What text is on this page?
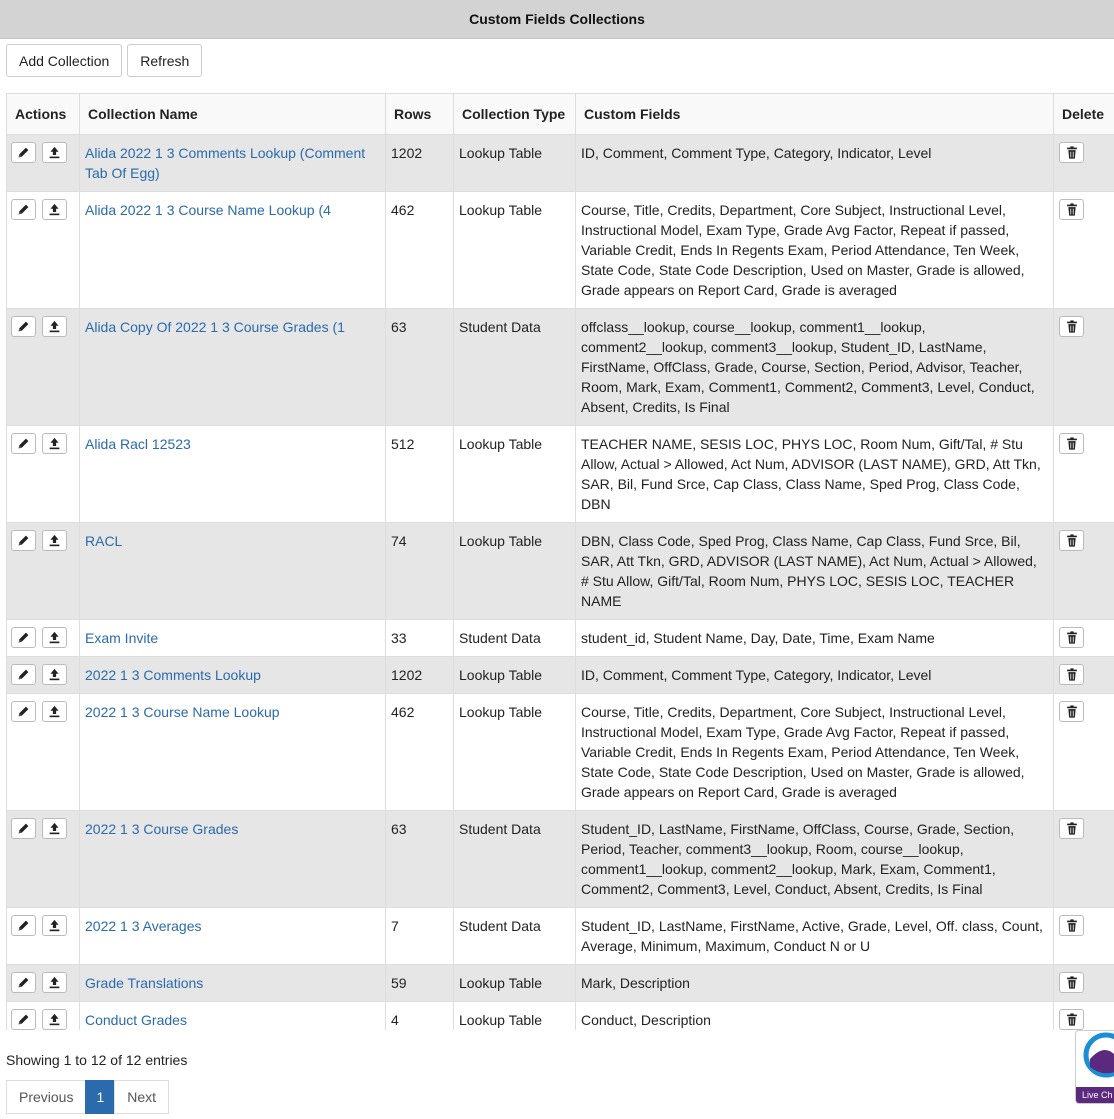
Custom Fields Collections
Add Collection	Refresh
Actions	Collection Name	Rows	Collection Type	Custom Fields	Delete

	Alida 2022 1 3 Comments Lookup (Comment Tab Of Egg)	1202	Lookup Table	ID, Comment, Comment Type, Category, Indicator, Level	

	Alida 2022 1 3 Course Name Lookup (4	462	Lookup Table	Course, Title, Credits, Department, Core Subject, Instructional Level, Instructional Model, Exam Type, Grade Avg Factor, Repeat if passed, Variable Credit, Ends In Regents Exam, Period Attendance, Ten Week, State Code, State Code Description, Used on Master, Grade is allowed, Grade appears on Report Card, Grade is averaged	

	Alida Copy Of 2022 1 3 Course Grades (1	63	Student Data	offclass__lookup, course__lookup, comment1__lookup, comment2__lookup, comment3__lookup, Student_ID, LastName, FirstName, OffClass, Grade, Course, Section, Period, Advisor, Teacher, Room, Mark, Exam, Comment1, Comment2, Comment3, Level, Conduct, Absent, Credits, Is Final	

	Alida Racl 12523	512	Lookup Table	TEACHER NAME, SESIS LOC, PHYS LOC, Room Num, Gift/Tal, # Stu Allow, Actual > Allowed, Act Num, ADVISOR (LAST NAME), GRD, Att Tkn, SAR, Bil, Fund Srce, Cap Class, Class Name, Sped Prog, Class Code, DBN	

	RACL	74	Lookup Table	DBN, Class Code, Sped Prog, Class Name, Cap Class, Fund Srce, Bil, SAR, Att Tkn, GRD, ADVISOR (LAST NAME), Act Num, Actual > Allowed, # Stu Allow, Gift/Tal, Room Num, PHYS LOC, SESIS LOC, TEACHER NAME	

	Exam Invite	33	Student Data	student_id, Student Name, Day, Date, Time, Exam Name	

	2022 1 3 Comments Lookup	1202	Lookup Table	ID, Comment, Comment Type, Category, Indicator, Level	

	2022 1 3 Course Name Lookup	462	Lookup Table	Course, Title, Credits, Department, Core Subject, Instructional Level, Instructional Model, Exam Type, Grade Avg Factor, Repeat if passed, Variable Credit, Ends In Regents Exam, Period Attendance, Ten Week, State Code, State Code Description, Used on Master, Grade is allowed, Grade appears on Report Card, Grade is averaged	

	2022 1 3 Course Grades	63	Student Data	Student_ID, LastName, FirstName, OffClass, Course, Grade, Section, Period, Teacher, comment3__lookup, Room, course__lookup, comment1__lookup, comment2__lookup, Mark, Exam, Comment1, Comment2, Comment3, Level, Conduct, Absent, Credits, Is Final	

	2022 1 3 Averages	7	Student Data	Student_ID, LastName, FirstName, Active, Grade, Level, Off. class, Count, Average, Minimum, Maximum, Conduct N or U	

	Grade Translations	59	Lookup Table	Mark, Description	

	Conduct Grades	4	Lookup Table	Conduct, Description	
Showing 1 to 12 of 12 entries
Previous	1	Next	Live Ch
